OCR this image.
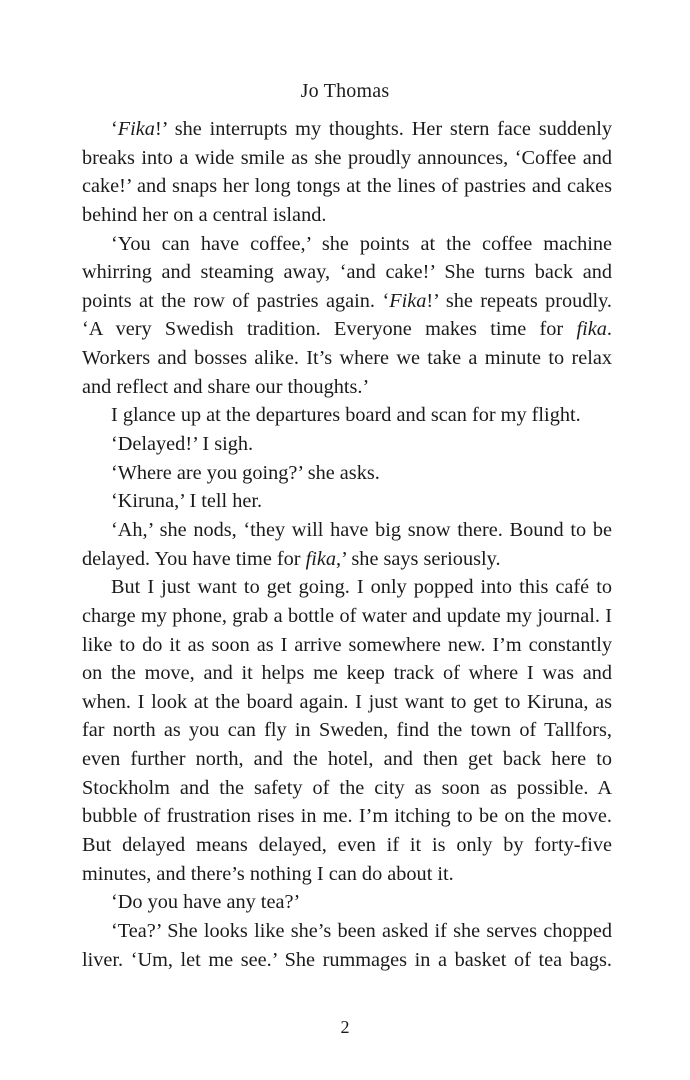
Jo Thomas

‘Fika!’ she interrupts my thoughts. Her stern face suddenly breaks into a wide smile as she proudly announces, ‘Coffee and cake!’ and snaps her long tongs at the lines of pastries and cakes behind her on a central island.

‘You can have coffee,’ she points at the coffee machine whirring and steaming away, ‘and cake!’ She turns back and points at the row of pastries again. ‘Fika!’ she repeats proudly. ‘A very Swedish tradition. Everyone makes time for fika. Workers and bosses alike. It’s where we take a minute to relax and reflect and share our thoughts.’

I glance up at the departures board and scan for my flight.

‘Delayed!’ I sigh.

‘Where are you going?’ she asks.

‘Kiruna,’ I tell her.

‘Ah,’ she nods, ‘they will have big snow there. Bound to be delayed. You have time for fika,’ she says seriously.

But I just want to get going. I only popped into this café to charge my phone, grab a bottle of water and update my journal. I like to do it as soon as I arrive somewhere new. I’m constantly on the move, and it helps me keep track of where I was and when. I look at the board again. I just want to get to Kiruna, as far north as you can fly in Sweden, find the town of Tallfors, even further north, and the hotel, and then get back here to Stockholm and the safety of the city as soon as possible. A bubble of frustration rises in me. I’m itching to be on the move. But delayed means delayed, even if it is only by forty-five minutes, and there’s nothing I can do about it.

‘Do you have any tea?’

‘Tea?’ She looks like she’s been asked if she serves chopped liver. ‘Um, let me see.’ She rummages in a basket of tea bags.

2
